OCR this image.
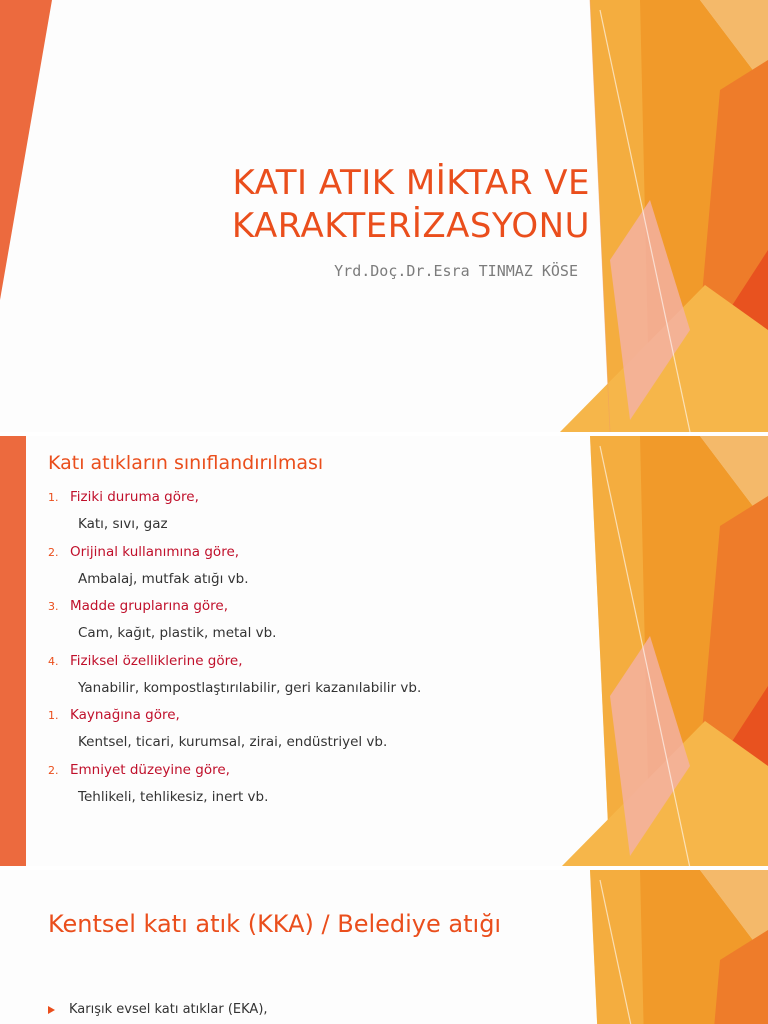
KATI ATIK MİKTAR VE
KARAKTERİZASYONU
Yrd.Doç.Dr.Esra TINMAZ KÖSE
Katı atıkların sınıflandırılması
1. Fiziki duruma göre,
Katı, sıvı, gaz
2. Orijinal kullanımına göre,
Ambalaj, mutfak atığı vb.
3. Madde gruplarına göre,
Cam, kağıt, plastik, metal vb.
4. Fiziksel özelliklerine göre,
Yanabilir, kompostlaştırılabilir, geri kazanılabilir vb.
1. Kaynağına göre,
Kentsel, ticari, kurumsal, zirai, endüstriyel vb.
2. Emniyet düzeyine göre,
Tehlikeli, tehlikesiz, inert vb.
Kentsel katı atık (KKA) / Belediye atığı
Karışık evsel katı atıklar (EKA),
